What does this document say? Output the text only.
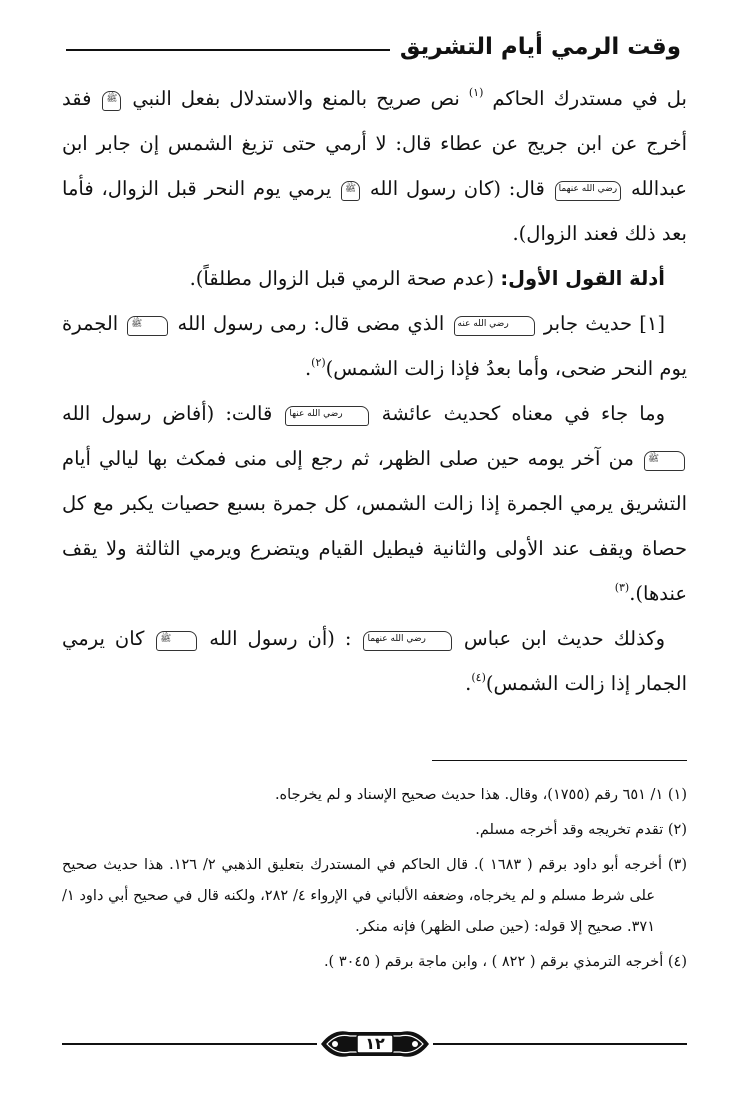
وقت الرمي أيام التشريق

بل في مستدرك الحاكم $^{(١)}$ نص صريح بالمنع والاستدلال بفعل النبي ﷺ فقد أخرج عن ابن جريج عن عطاء قال: لا أرمي حتى تزيغ الشمس إن جابر ابن عبدالله رضي الله عنهما قال: (كان رسول الله ﷺ يرمي يوم النحر قبل الزوال، فأما بعد ذلك فعند الزوال).

أدلة القول الأول: (عدم صحة الرمي قبل الزوال مطلقاً).

[١] حديث جابر رضي الله عنه الذي مضى قال: رمى رسول الله ﷺ الجمرة يوم النحر ضحى، وأما بعدُ فإذا زالت الشمس)$^{(٢)}$.

وما جاء في معناه كحديث عائشة رضي الله عنها قالت: (أفاض رسول الله ﷺ من آخر يومه حين صلى الظهر، ثم رجع إلى منى فمكث بها ليالي أيام التشريق يرمي الجمرة إذا زالت الشمس، كل جمرة بسبع حصيات يكبر مع كل حصاة ويقف عند الأولى والثانية فيطيل القيام ويتضرع ويرمي الثالثة ولا يقف عندها).$^{(٣)}$

وكذلك حديث ابن عباس رضي الله عنهما : (أن رسول الله ﷺ كان يرمي الجمار إذا زالت الشمس)$^{(٤)}$.

(١) ١/ ٦٥١ رقم (١٧٥٥)، وقال. هذا حديث صحيح الإسناد و لم يخرجاه.

(٢) تقدم تخريجه وقد أخرجه مسلم.

(٣) أخرجه أبو داود برقم ( ١٦٨٣ ). قال الحاكم في المستدرك بتعليق الذهبي ٢/ ١٢٦. هذا حديث صحيح على شرط مسلم و لم يخرجاه، وضعفه الألباني في الإرواء ٤/ ٢٨٢، ولكنه قال في صحيح أبي داود ١/ ٣٧١. صحيح إلا قوله: (حين صلى الظهر) فإنه منكر.

(٤) أخرجه الترمذي برقم ( ٨٢٢ ) ، وابن ماجة برقم ( ٣٠٤٥ ).

١٢
